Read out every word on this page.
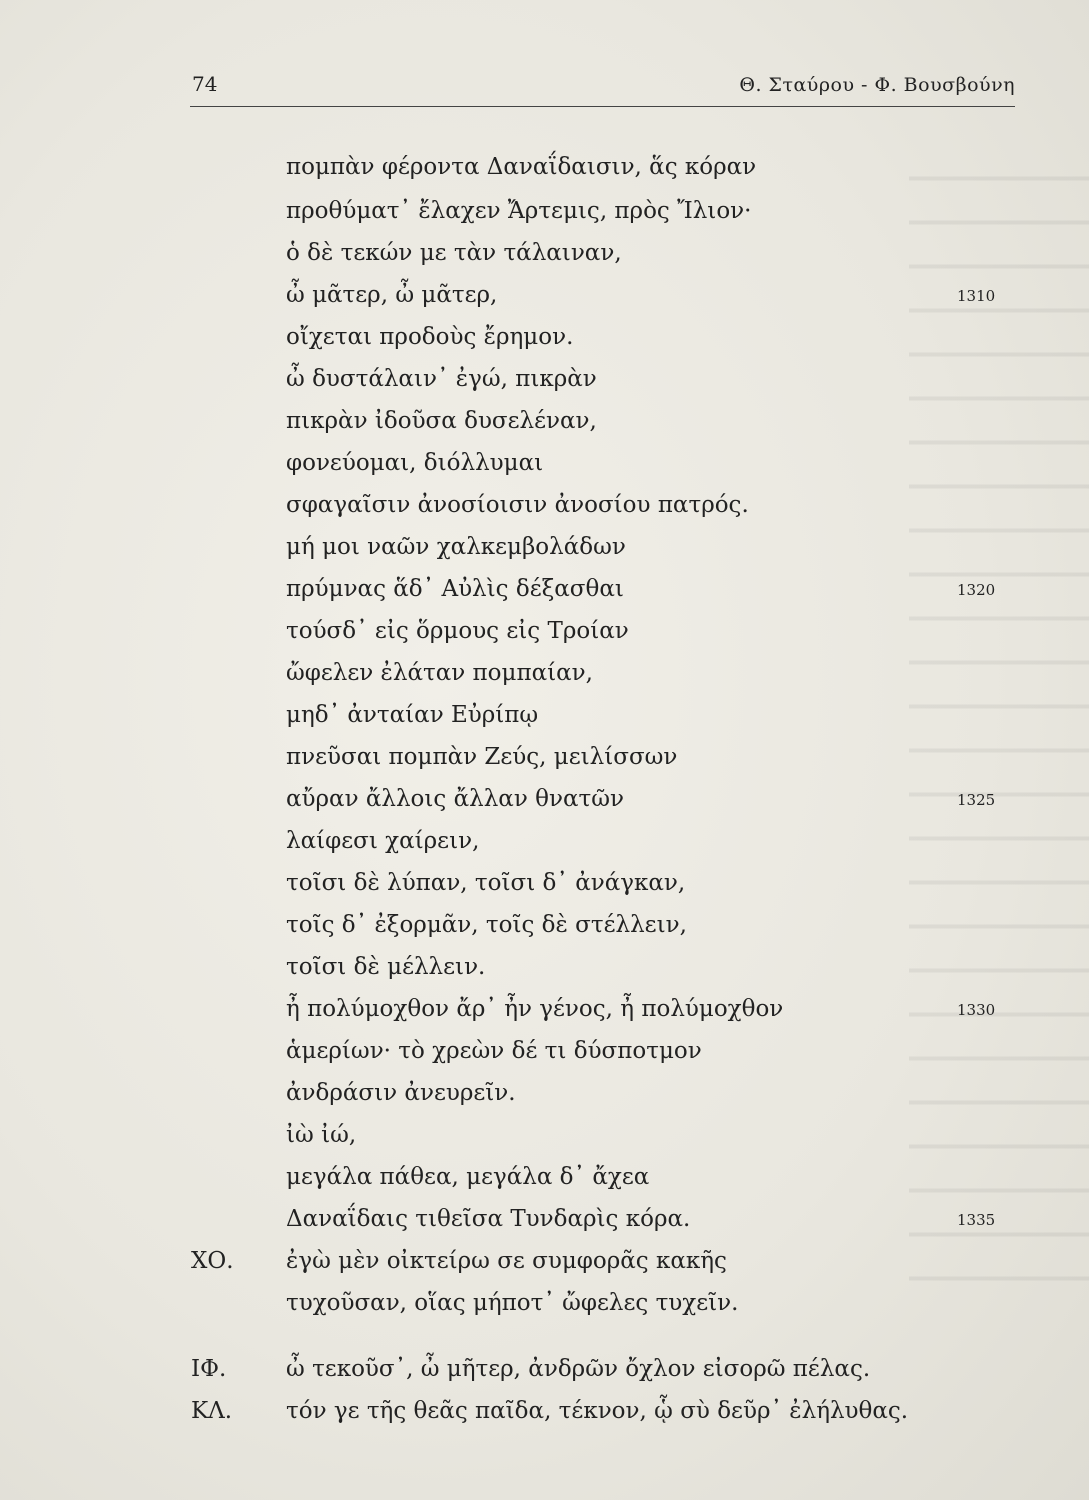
74	Θ. Σταύρου - Φ. Βουσβούνη
πομπὰν φέροντα Δαναΐδαισιν, ἅς κόραν
προθύματ᾽ ἔλαχεν Ἄρτεμις, πρὸς Ἴλιον·
ὁ δὲ τεκών με τὰν τάλαιναν,
ὦ μᾶτερ, ὦ μᾶτερ,	1310
οἴχεται προδοὺς ἔρημον.
ὦ δυστάλαιν᾽ ἐγώ, πικρὰν
πικρὰν ἰδοῦσα δυσελέναν,
φονεύομαι, διόλλυμαι
σφαγαῖσιν ἀνοσίοισιν ἀνοσίου πατρός.
μή μοι ναῶν χαλκεμβολάδων
πρύμνας ἅδ᾽ Αὐλὶς δέξασθαι	1320
τούσδ᾽ εἰς ὅρμους εἰς Τροίαν
ὤφελεν ἐλάταν πομπαίαν,
μηδ᾽ ἀνταίαν Εὐρίπῳ
πνεῦσαι πομπὰν Ζεύς, μειλίσσων
αὔραν ἄλλοις ἄλλαν θνατῶν	1325
λαίφεσι χαίρειν,
τοῖσι δὲ λύπαν, τοῖσι δ᾽ ἀνάγκαν,
τοῖς δ᾽ ἐξορμᾶν, τοῖς δὲ στέλλειν,
τοῖσι δὲ μέλλειν.
ἦ πολύμοχθον ἄρ᾽ ἦν γένος, ἦ πολύμοχθον	1330
ἁμερίων· τὸ χρεὼν δέ τι δύσποτμον
ἀνδράσιν ἀνευρεῖν.
ἰὼ ἰώ,
μεγάλα πάθεα, μεγάλα δ᾽ ἄχεα
Δαναΐδαις τιθεῖσα Τυνδαρὶς κόρα.	1335
ΧΟ. ἐγὼ μὲν οἰκτείρω σε συμφορᾶς κακῆς
τυχοῦσαν, οἵας μήποτ᾽ ὤφελες τυχεῖν.
ΙΦ.	ὦ τεκοῦσ᾽, ὦ μῆτερ, ἀνδρῶν ὄχλον εἰσορῶ πέλας.
ΚΛ. τόν γε τῆς θεᾶς παῖδα, τέκνον, ᾧ σὺ δεῦρ᾽ ἐλήλυθας.
